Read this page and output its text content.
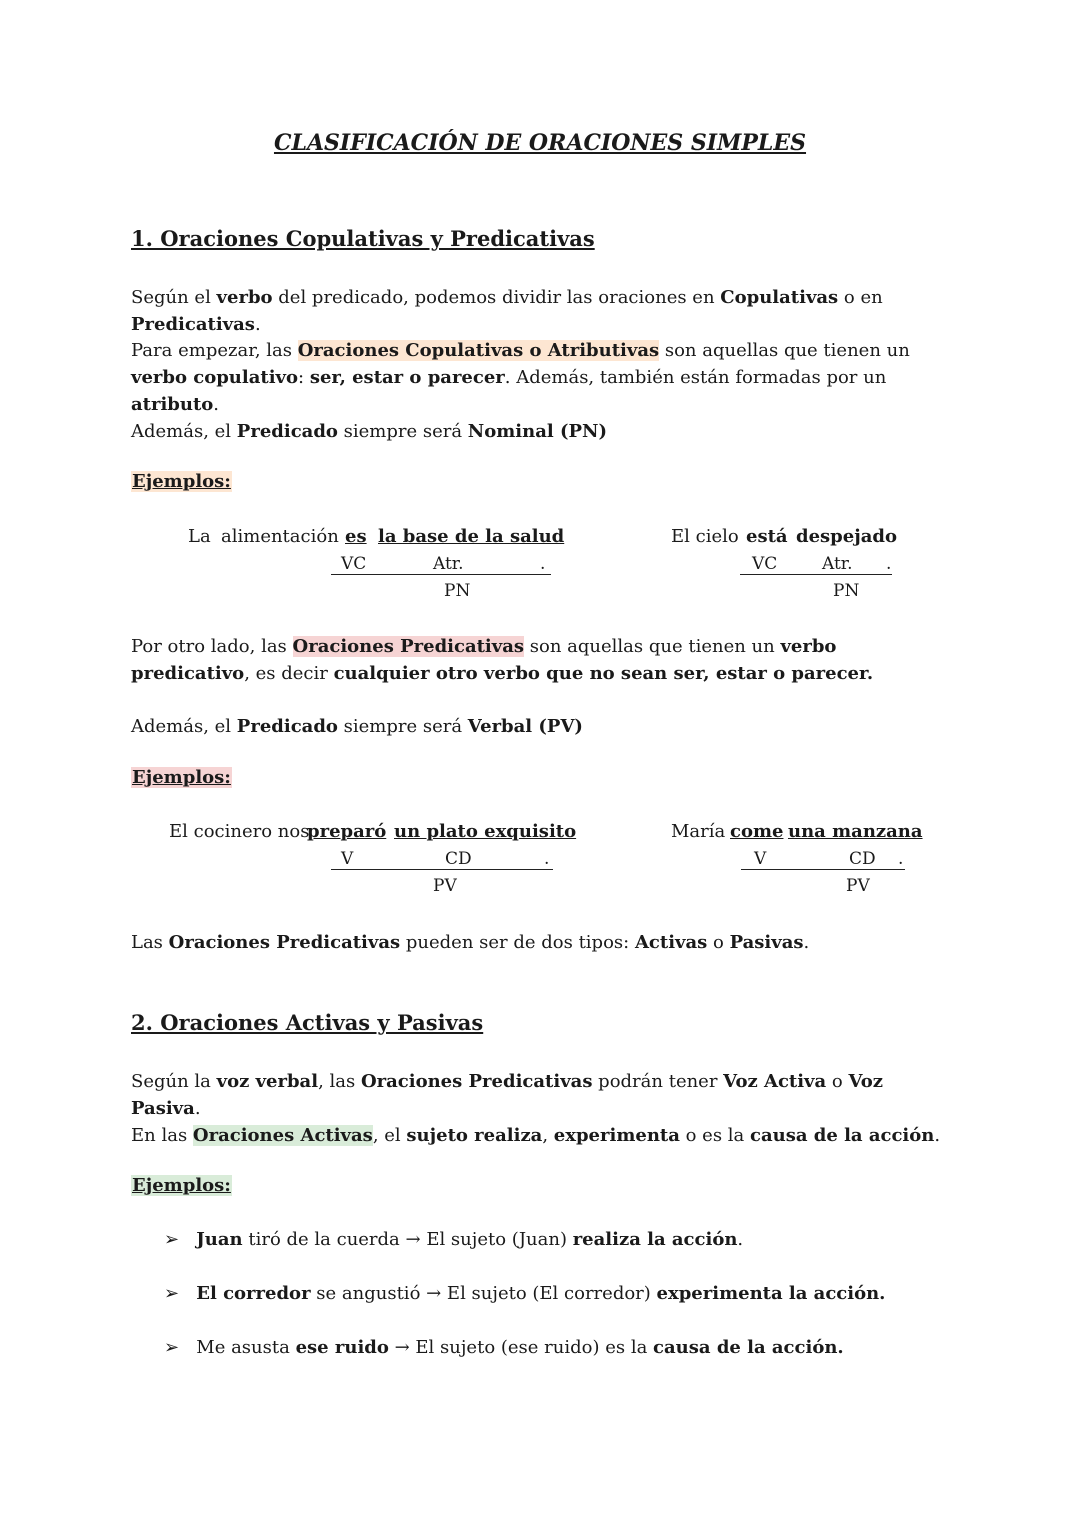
CLASIFICACIÓN DE ORACIONES SIMPLES
1. Oraciones Copulativas y Predicativas
Según el verbo del predicado, podemos dividir las oraciones en Copulativas o en Predicativas.
Para empezar, las Oraciones Copulativas o Atributivas son aquellas que tienen un verbo copulativo: ser, estar o parecer. Además, también están formadas por un atributo.
Además, el Predicado siempre será Nominal (PN)
Ejemplos:
La alimentación es la base de la salud
VC	Atr.	.
PN
El cielo está despejado
VC	Atr. .
PN
Por otro lado, las Oraciones Predicativas son aquellas que tienen un verbo predicativo, es decir cualquier otro verbo que no sean ser, estar o parecer.
Además, el Predicado siempre será Verbal (PV)
Ejemplos:
El cocinero nos
preparó un plato exquisito
V	CD	.
PV
María come una manzana
V	CD .
PV
Las Oraciones Predicativas pueden ser de dos tipos: Activas o Pasivas.
2. Oraciones Activas y Pasivas
Según la voz verbal, las Oraciones Predicativas podrán tener Voz Activa o Voz Pasiva.
En las Oraciones Activas, el sujeto realiza, experimenta o es la causa de la acción.
Ejemplos:
➢ Juan tiró de la cuerda → El sujeto (Juan) realiza la acción.
➢ El corredor se angustió → El sujeto (El corredor) experimenta la acción.
➢ Me asusta ese ruido → El sujeto (ese ruido) es la causa de la acción.
